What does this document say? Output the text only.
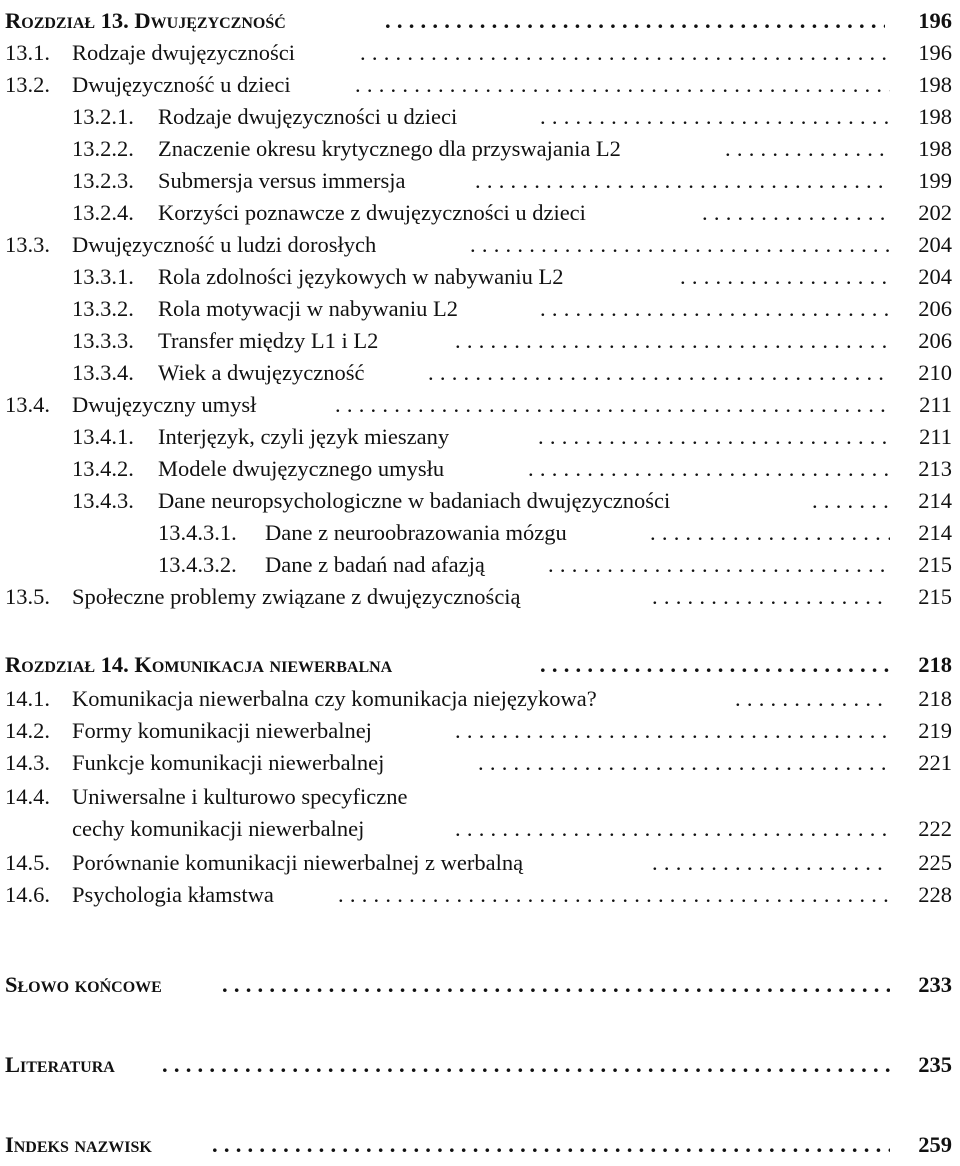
Rozdział 13. Dwujęzyczność . . .	196
13.1. Rodzaje dwujęzyczności . . .	196
13.2. Dwujęzyczność u dzieci . . .	198
13.2.1. Rodzaje dwujęzyczności u dzieci . . .	198
13.2.2. Znaczenie okresu krytycznego dla przyswajania L2 . . .	198
13.2.3. Submersja versus immersja . . .	199
13.2.4. Korzyści poznawcze z dwujęzyczności u dzieci . . .	202
13.3. Dwujęzyczność u ludzi dorosłych . . .	204
13.3.1. Rola zdolności językowych w nabywaniu L2 . . .	204
13.3.2. Rola motywacji w nabywaniu L2 . . .	206
13.3.3. Transfer między L1 i L2 . . .	206
13.3.4. Wiek a dwujęzyczność . . .	210
13.4. Dwujęzyczny umysł . . .	211
13.4.1. Interjęzyk, czyli język mieszany . . .	211
13.4.2. Modele dwujęzycznego umysłu . . .	213
13.4.3. Dane neuropsychologiczne w badaniach dwujęzyczności . . .	214
13.4.3.1. Dane z neuroobrazowania mózgu . . .	214
13.4.3.2. Dane z badań nad afazją . . .	215
13.5. Społeczne problemy związane z dwujęzycznością . . .	215
Rozdział 14. Komunikacja niewerbalna . . .	218
14.1. Komunikacja niewerbalna czy komunikacja niejęzykowa? . . .	218
14.2. Formy komunikacji niewerbalnej . . .	219
14.3. Funkcje komunikacji niewerbalnej . . .	221
14.4. Uniwersalne i kulturowo specyficzne
cechy komunikacji niewerbalnej . . .	222
14.5. Porównanie komunikacji niewerbalnej z werbalną . . .	225
14.6. Psychologia kłamstwa . . .	228
Słowo końcowe . . .	233
Literatura . . .	235
Indeks nazwisk . . .	259
